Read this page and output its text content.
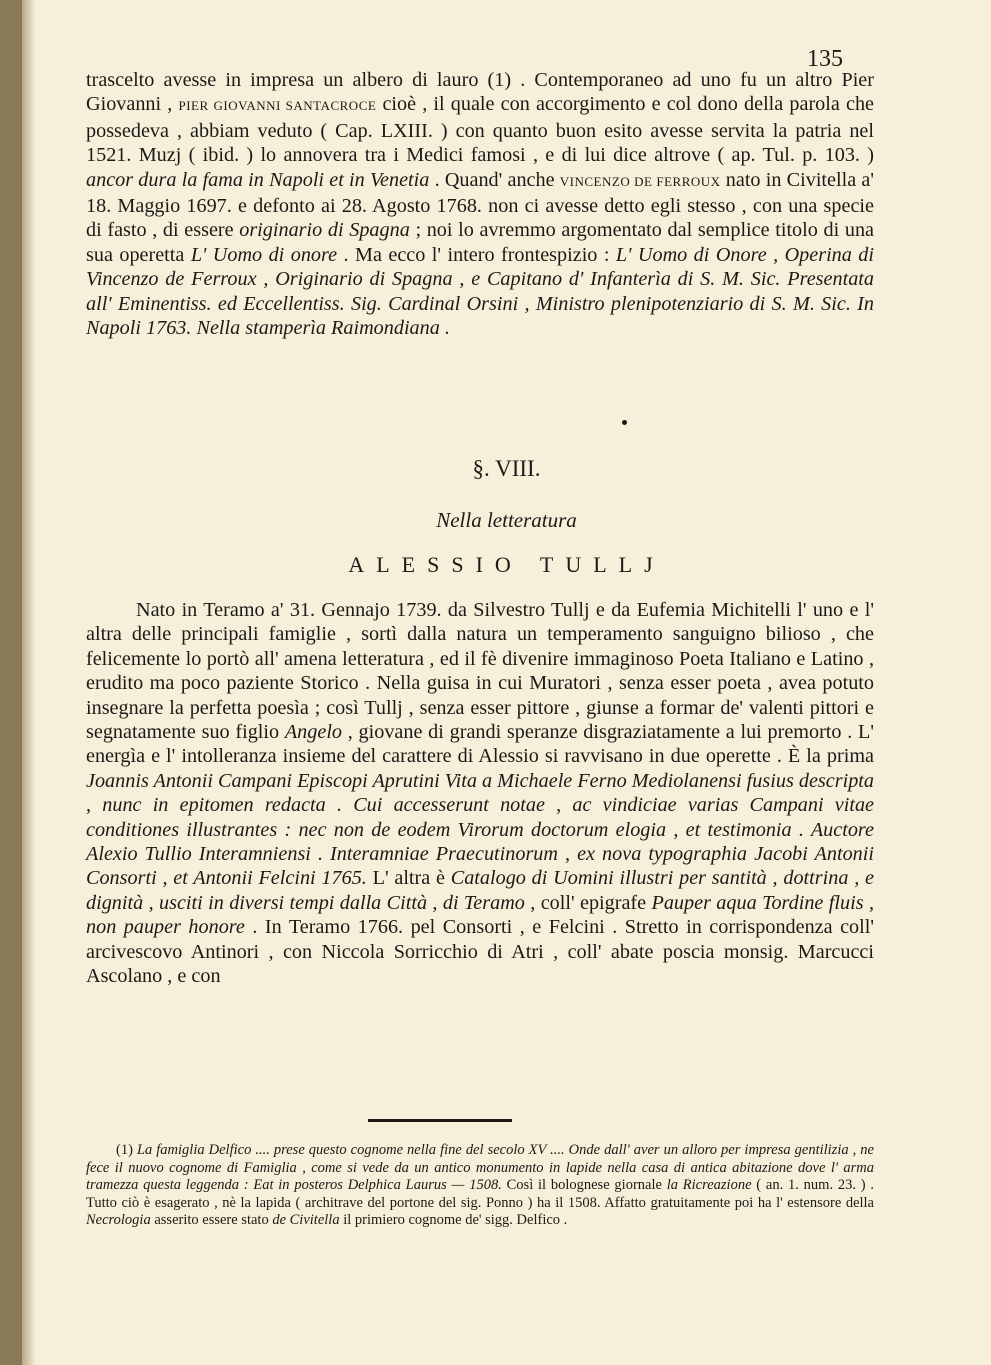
135

trascelto avesse in impresa un albero di lauro (1) . Contemporaneo ad uno fu un altro Pier Giovanni , PIER GIOVANNI SANTACROCE cioè , il quale con accorgimento e col dono della parola che possedeva , abbiam veduto ( Cap. LXIII. ) con quanto buon esito avesse servita la patria nel 1521. Muzj ( ibid. ) lo annovera tra i Medici famosi , e di lui dice altrove ( ap. Tul. p. 103. ) ancor dura la fama in Napoli et in Venetia . Quand' anche VINCENZO DE FERROUX nato in Civitella a' 18. Maggio 1697. e defonto ai 28. Agosto 1768. non ci avesse detto egli stesso , con una specie di fasto , di essere originario di Spagna ; noi lo avremmo argomentato dal semplice titolo di una sua operetta L' Uomo di onore . Ma ecco l' intero frontespizio : L' Uomo di Onore , Operina di Vincenzo de Ferroux , Originario di Spagna , e Capitano d' Infanterìa di S. M. Sic. Presentata all' Eminentiss. ed Eccellentiss. Sig. Cardinal Orsini , Ministro plenipotenziario di S. M. Sic. In Napoli 1763. Nella stamperìa Raimondiana .

§. VIII.
Nella letteratura
ALESSIO TULLJ

Nato in Teramo a' 31. Gennajo 1739. da Silvestro Tullj e da Eufemia Michitelli l' uno e l' altra delle principali famiglie , sortì dalla natura un temperamento sanguigno bilioso , che felicemente lo portò all' amena letteratura , ed il fè divenire immaginoso Poeta Italiano e Latino , erudito ma poco paziente Storico . Nella guisa in cui Muratori , senza esser poeta , avea potuto insegnare la perfetta poesìa ; così Tullj , senza esser pittore , giunse a formar de' valenti pittori e segnatamente suo figlio Angelo , giovane di grandi speranze disgraziatamente a lui premorto . L' energìa e l' intolleranza insieme del carattere di Alessio si ravvisano in due operette . È la prima Joannis Antonii Campani Episcopi Aprutini Vita a Michaele Ferno Mediolanensi fusius descripta , nunc in epitomen redacta . Cui accesserunt notae , ac vindiciae varias Campani vitae conditiones illustrantes : nec non de eodem Virorum doctorum elogia , et testimonia . Auctore Alexio Tullio Interamniensi . Interamniae Praecutinorum , ex nova typographia Jacobi Antonii Consorti , et Antonii Felcini 1765. L' altra è Catalogo di Uomini illustri per santità , dottrina , e dignità , usciti in diversi tempi dalla Città , di Teramo , coll' epigrafe Pauper aqua Tordine fluis , non pauper honore . In Teramo 1766. pel Consorti , e Felcini . Stretto in corrispondenza coll' arcivescovo Antinori , con Niccola Sorricchio di Atri , coll' abate poscia monsig. Marcucci Ascolano , e con

(1) La famiglia Delfico .... prese questo cognome nella fine del secolo XV .... Onde dall' aver un alloro per impresa gentilizia , ne fece il nuovo cognome di Famiglia , come si vede da un antico monumento in lapide nella casa di antica abitazione dove l' arma tramezza questa leggenda : Eat in posteros Delphica Laurus — 1508. Così il bolognese giornale la Ricreazione ( an. 1. num. 23. ) . Tutto ciò è esagerato , nè la lapida ( architrave del portone del sig. Ponno ) ha il 1508. Affatto gratuitamente poi ha l' estensore della Necrologia asserito essere stato de Civitella il primiero cognome de' sigg. Delfico .
